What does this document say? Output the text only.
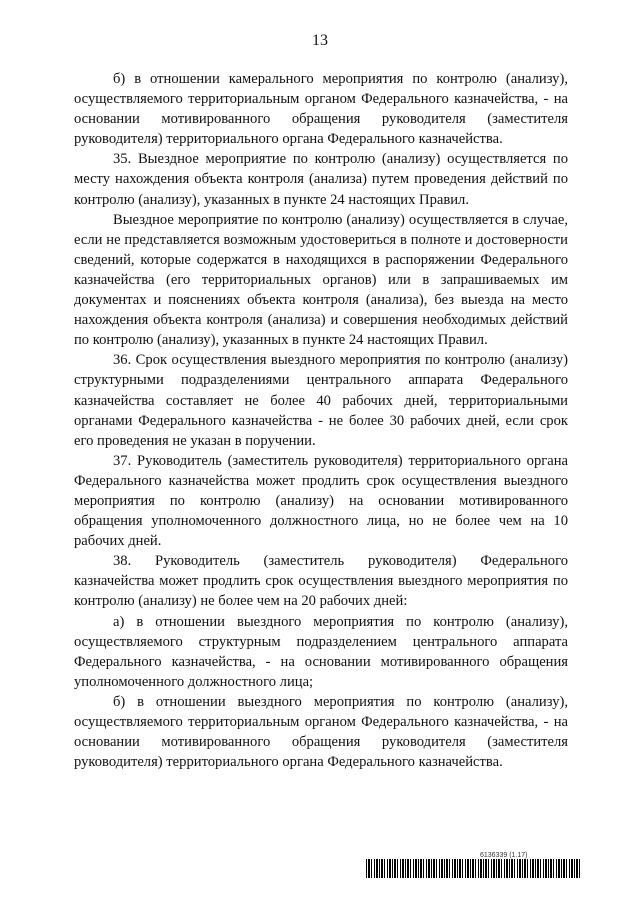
13

б) в отношении камерального мероприятия по контролю (анализу), осуществляемого территориальным органом Федерального казначейства, - на основании мотивированного обращения руководителя (заместителя руководителя) территориального органа Федерального казначейства.

35. Выездное мероприятие по контролю (анализу) осуществляется по месту нахождения объекта контроля (анализа) путем проведения действий по контролю (анализу), указанных в пункте 24 настоящих Правил.

Выездное мероприятие по контролю (анализу) осуществляется в случае, если не представляется возможным удостовериться в полноте и достоверности сведений, которые содержатся в находящихся в распоряжении Федерального казначейства (его территориальных органов) или в запрашиваемых им документах и пояснениях объекта контроля (анализа), без выезда на место нахождения объекта контроля (анализа) и совершения необходимых действий по контролю (анализу), указанных в пункте 24 настоящих Правил.

36. Срок осуществления выездного мероприятия по контролю (анализу) структурными подразделениями центрального аппарата Федерального казначейства составляет не более 40 рабочих дней, территориальными органами Федерального казначейства - не более 30 рабочих дней, если срок его проведения не указан в поручении.

37. Руководитель (заместитель руководителя) территориального органа Федерального казначейства может продлить срок осуществления выездного мероприятия по контролю (анализу) на основании мотивированного обращения уполномоченного должностного лица, но не более чем на 10 рабочих дней.

38. Руководитель (заместитель руководителя) Федерального казначейства может продлить срок осуществления выездного мероприятия по контролю (анализу) не более чем на 20 рабочих дней:

а) в отношении выездного мероприятия по контролю (анализу), осуществляемого структурным подразделением центрального аппарата Федерального казначейства, - на основании мотивированного обращения уполномоченного должностного лица;

б) в отношении выездного мероприятия по контролю (анализу), осуществляемого территориальным органом Федерального казначейства, - на основании мотивированного обращения руководителя (заместителя руководителя) территориального органа Федерального казначейства.

6136339 (1.17)
